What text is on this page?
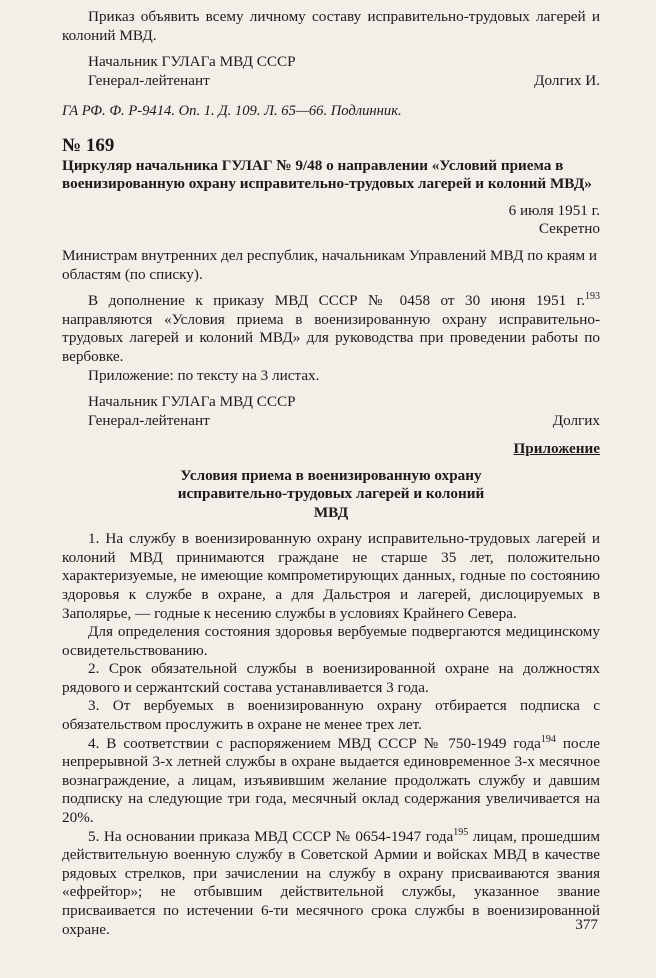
Приказ объявить всему личному составу исправительно-трудовых лагерей и колоний МВД.

Начальник ГУЛАГа МВД СССР
Генерал-лейтенант	Долгих И.

ГА РФ. Ф. Р-9414. Оп. 1. Д. 109. Л. 65—66. Подлинник.

№ 169
Циркуляр начальника ГУЛАГ № 9/48 о направлении «Условий приема в военизированную охрану исправительно-трудовых лагерей и колоний МВД»
6 июля 1951 г.
Секретно

Министрам внутренних дел республик, начальникам Управлений МВД по краям и областям (по списку).

В дополнение к приказу МВД СССР № 0458 от 30 июня 1951 г.$^{193}$ направляются «Условия приема в военизированную охрану исправительно-трудовых лагерей и колоний МВД» для руководства при проведении работы по вербовке.

Приложение: по тексту на 3 листах.

Начальник ГУЛАГа МВД СССР
Генерал-лейтенант	Долгих
Приложение
Условия приема в военизированную охрану исправительно-трудовых лагерей и колоний МВД

1. На службу в военизированную охрану исправительно-трудовых лагерей и колоний МВД принимаются граждане не старше 35 лет, положительно характеризуемые, не имеющие компрометирующих данных, годные по состоянию здоровья к службе в охране, а для Дальстроя и лагерей, дислоцируемых в Заполярье, — годные к несению службы в условиях Крайнего Севера.

Для определения состояния здоровья вербуемые подвергаются медицинскому освидетельствованию.

2. Срок обязательной службы в военизированной охране на должностях рядового и сержантский состава устанавливается 3 года.

3. От вербуемых в военизированную охрану отбирается подписка с обязательством прослужить в охране не менее трех лет.

4. В соответствии с распоряжением МВД СССР № 750-1949 года$^{194}$ после непрерывной 3-х летней службы в охране выдается единовременное 3-х месячное вознаграждение, а лицам, изъявившим желание продолжать службу и давшим подписку на следующие три года, месячный оклад содержания увеличивается на 20%.

5. На основании приказа МВД СССР № 0654-1947 года$^{195}$ лицам, прошедшим действительную военную службу в Советской Армии и войсках МВД в качестве рядовых стрелков, при зачислении на службу в охрану присваиваются звания «ефрейтор»; не отбывшим действительной службы, указанное звание присваивается по истечении 6-ти месячного срока службы в военизированной охране.	377
